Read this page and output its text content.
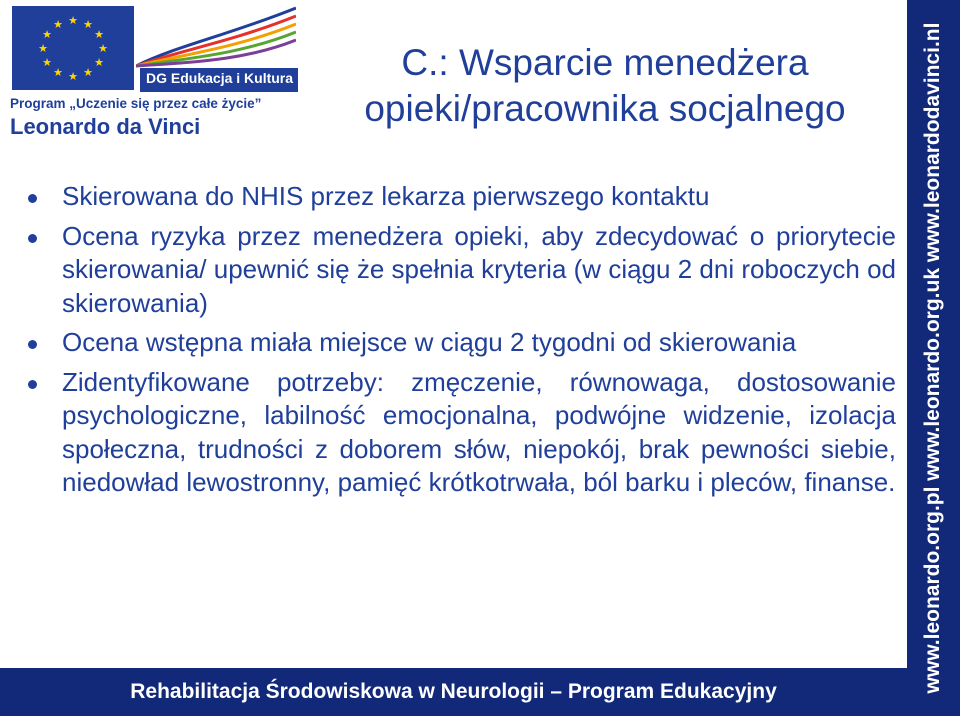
★ ★
★
★
★
★
★
★
★
★
★
★
DG Edukacja i Kultura
Program „Uczenie się przez całe życie”
Leonardo da Vinci
C.: Wsparcie menedżera
opieki/pracownika socjalnego
Skierowana do NHIS przez lekarza pierwszego kontaktu
Ocena ryzyka przez menedżera opieki, aby zdecydować o priorytecie skierowania/ upewnić się że spełnia kryteria (w ciągu 2 dni roboczych od skierowania)
Ocena wstępna miała miejsce w ciągu 2 tygodni od skierowania
Zidentyfikowane potrzeby: zmęczenie, równowaga, dostosowanie psychologiczne, labilność emocjonalna, podwójne widzenie, izolacja społeczna, trudności z doborem słów, niepokój, brak pewności siebie, niedowład lewostronny, pamięć krótkotrwała, ból barku i pleców, finanse. www.leonardo.org.pl www.leonardo.org.uk www.leonardodavinci.nl
Rehabilitacja Środowiskowa w Neurologii – Program Edukacyjny
